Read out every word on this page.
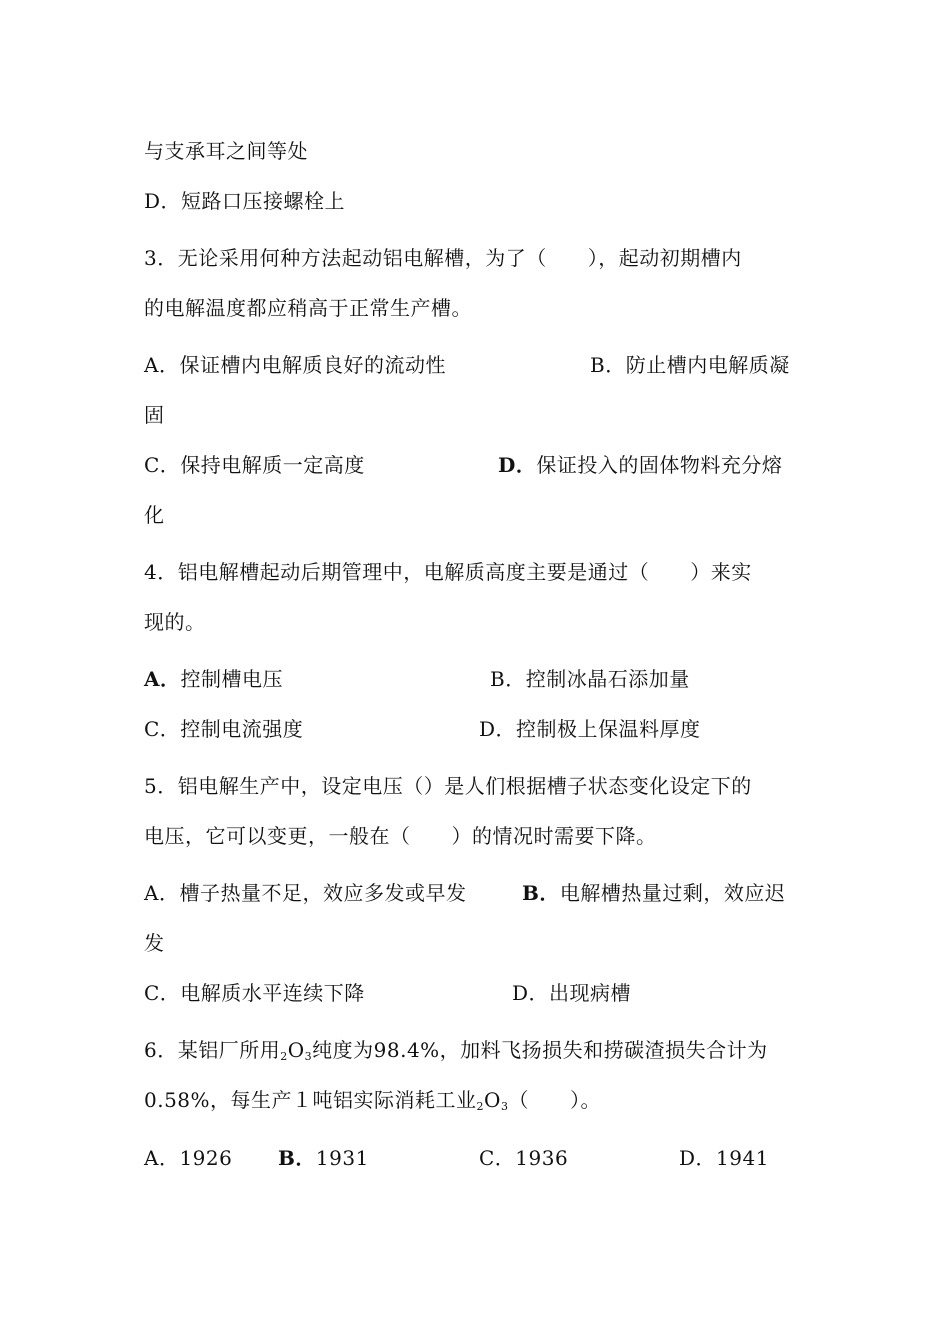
与支承耳之间等处
D．短路口压接螺栓上
3．无论采用何种方法起动铝电解槽，为了（　　），起动初期槽内
的电解温度都应稍高于正常生产槽。
A．保证槽内电解质良好的流动性	B．防止槽内电解质凝
固
C．保持电解质一定高度	D．保证投入的固体物料充分熔
化
4．铝电解槽起动后期管理中，电解质高度主要是通过（　　）来实
现的。
A．控制槽电压	B．控制冰晶石添加量
C．控制电流强度	D．控制极上保温料厚度
5．铝电解生产中，设定电压（）是人们根据槽子状态变化设定下的
电压，它可以变更，一般在（　　）的情况时需要下降。
A．槽子热量不足，效应多发或早发	B．电解槽热量过剩，效应迟
发
C．电解质水平连续下降	D．出现病槽
6．某铝厂所用$_2O_3$纯度为98.4%，加料飞扬损失和捞碳渣损失合计为
0.58%，每生产１吨铝实际消耗工业$_2O_3$（　　）。
A．1926 B．1931	C．1936	D．1941
